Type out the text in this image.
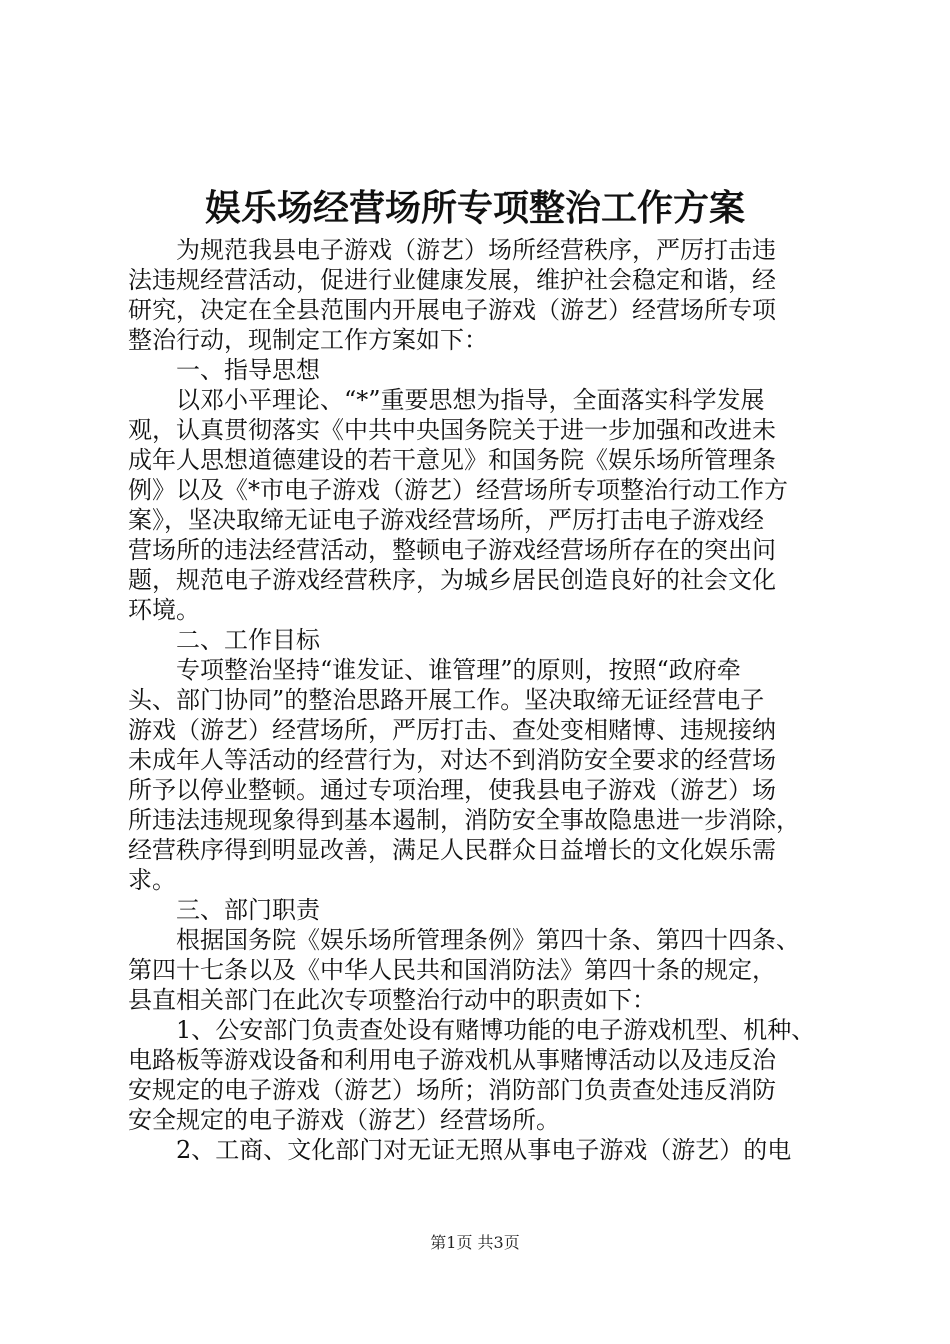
娱乐场经营场所专项整治工作方案
　　为规范我县电子游戏（游艺）场所经营秩序，严厉打击违
法违规经营活动，促进行业健康发展，维护社会稳定和谐，经
研究，决定在全县范围内开展电子游戏（游艺）经营场所专项
整治行动，现制定工作方案如下：
　　一、指导思想
　　以邓小平理论、“*”重要思想为指导，全面落实科学发展
观，认真贯彻落实《中共中央国务院关于进一步加强和改进未
成年人思想道德建设的若干意见》和国务院《娱乐场所管理条
例》以及《*市电子游戏（游艺）经营场所专项整治行动工作方
案》，坚决取缔无证电子游戏经营场所，严厉打击电子游戏经
营场所的违法经营活动，整顿电子游戏经营场所存在的突出问
题，规范电子游戏经营秩序，为城乡居民创造良好的社会文化
环境。
　　二、工作目标
　　专项整治坚持“谁发证、谁管理”的原则，按照“政府牵
头、部门协同”的整治思路开展工作。坚决取缔无证经营电子
游戏（游艺）经营场所，严厉打击、查处变相赌博、违规接纳
未成年人等活动的经营行为，对达不到消防安全要求的经营场
所予以停业整顿。通过专项治理，使我县电子游戏（游艺）场
所违法违规现象得到基本遏制，消防安全事故隐患进一步消除，
经营秩序得到明显改善，满足人民群众日益增长的文化娱乐需
求。
　　三、部门职责
　　根据国务院《娱乐场所管理条例》第四十条、第四十四条、
第四十七条以及《中华人民共和国消防法》第四十条的规定，
县直相关部门在此次专项整治行动中的职责如下：
　　1、公安部门负责查处设有赌博功能的电子游戏机型、机种、
电路板等游戏设备和利用电子游戏机从事赌博活动以及违反治
安规定的电子游戏（游艺）场所；消防部门负责查处违反消防
安全规定的电子游戏（游艺）经营场所。
　　2、工商、文化部门对无证无照从事电子游戏（游艺）的电
第1页 共3页
